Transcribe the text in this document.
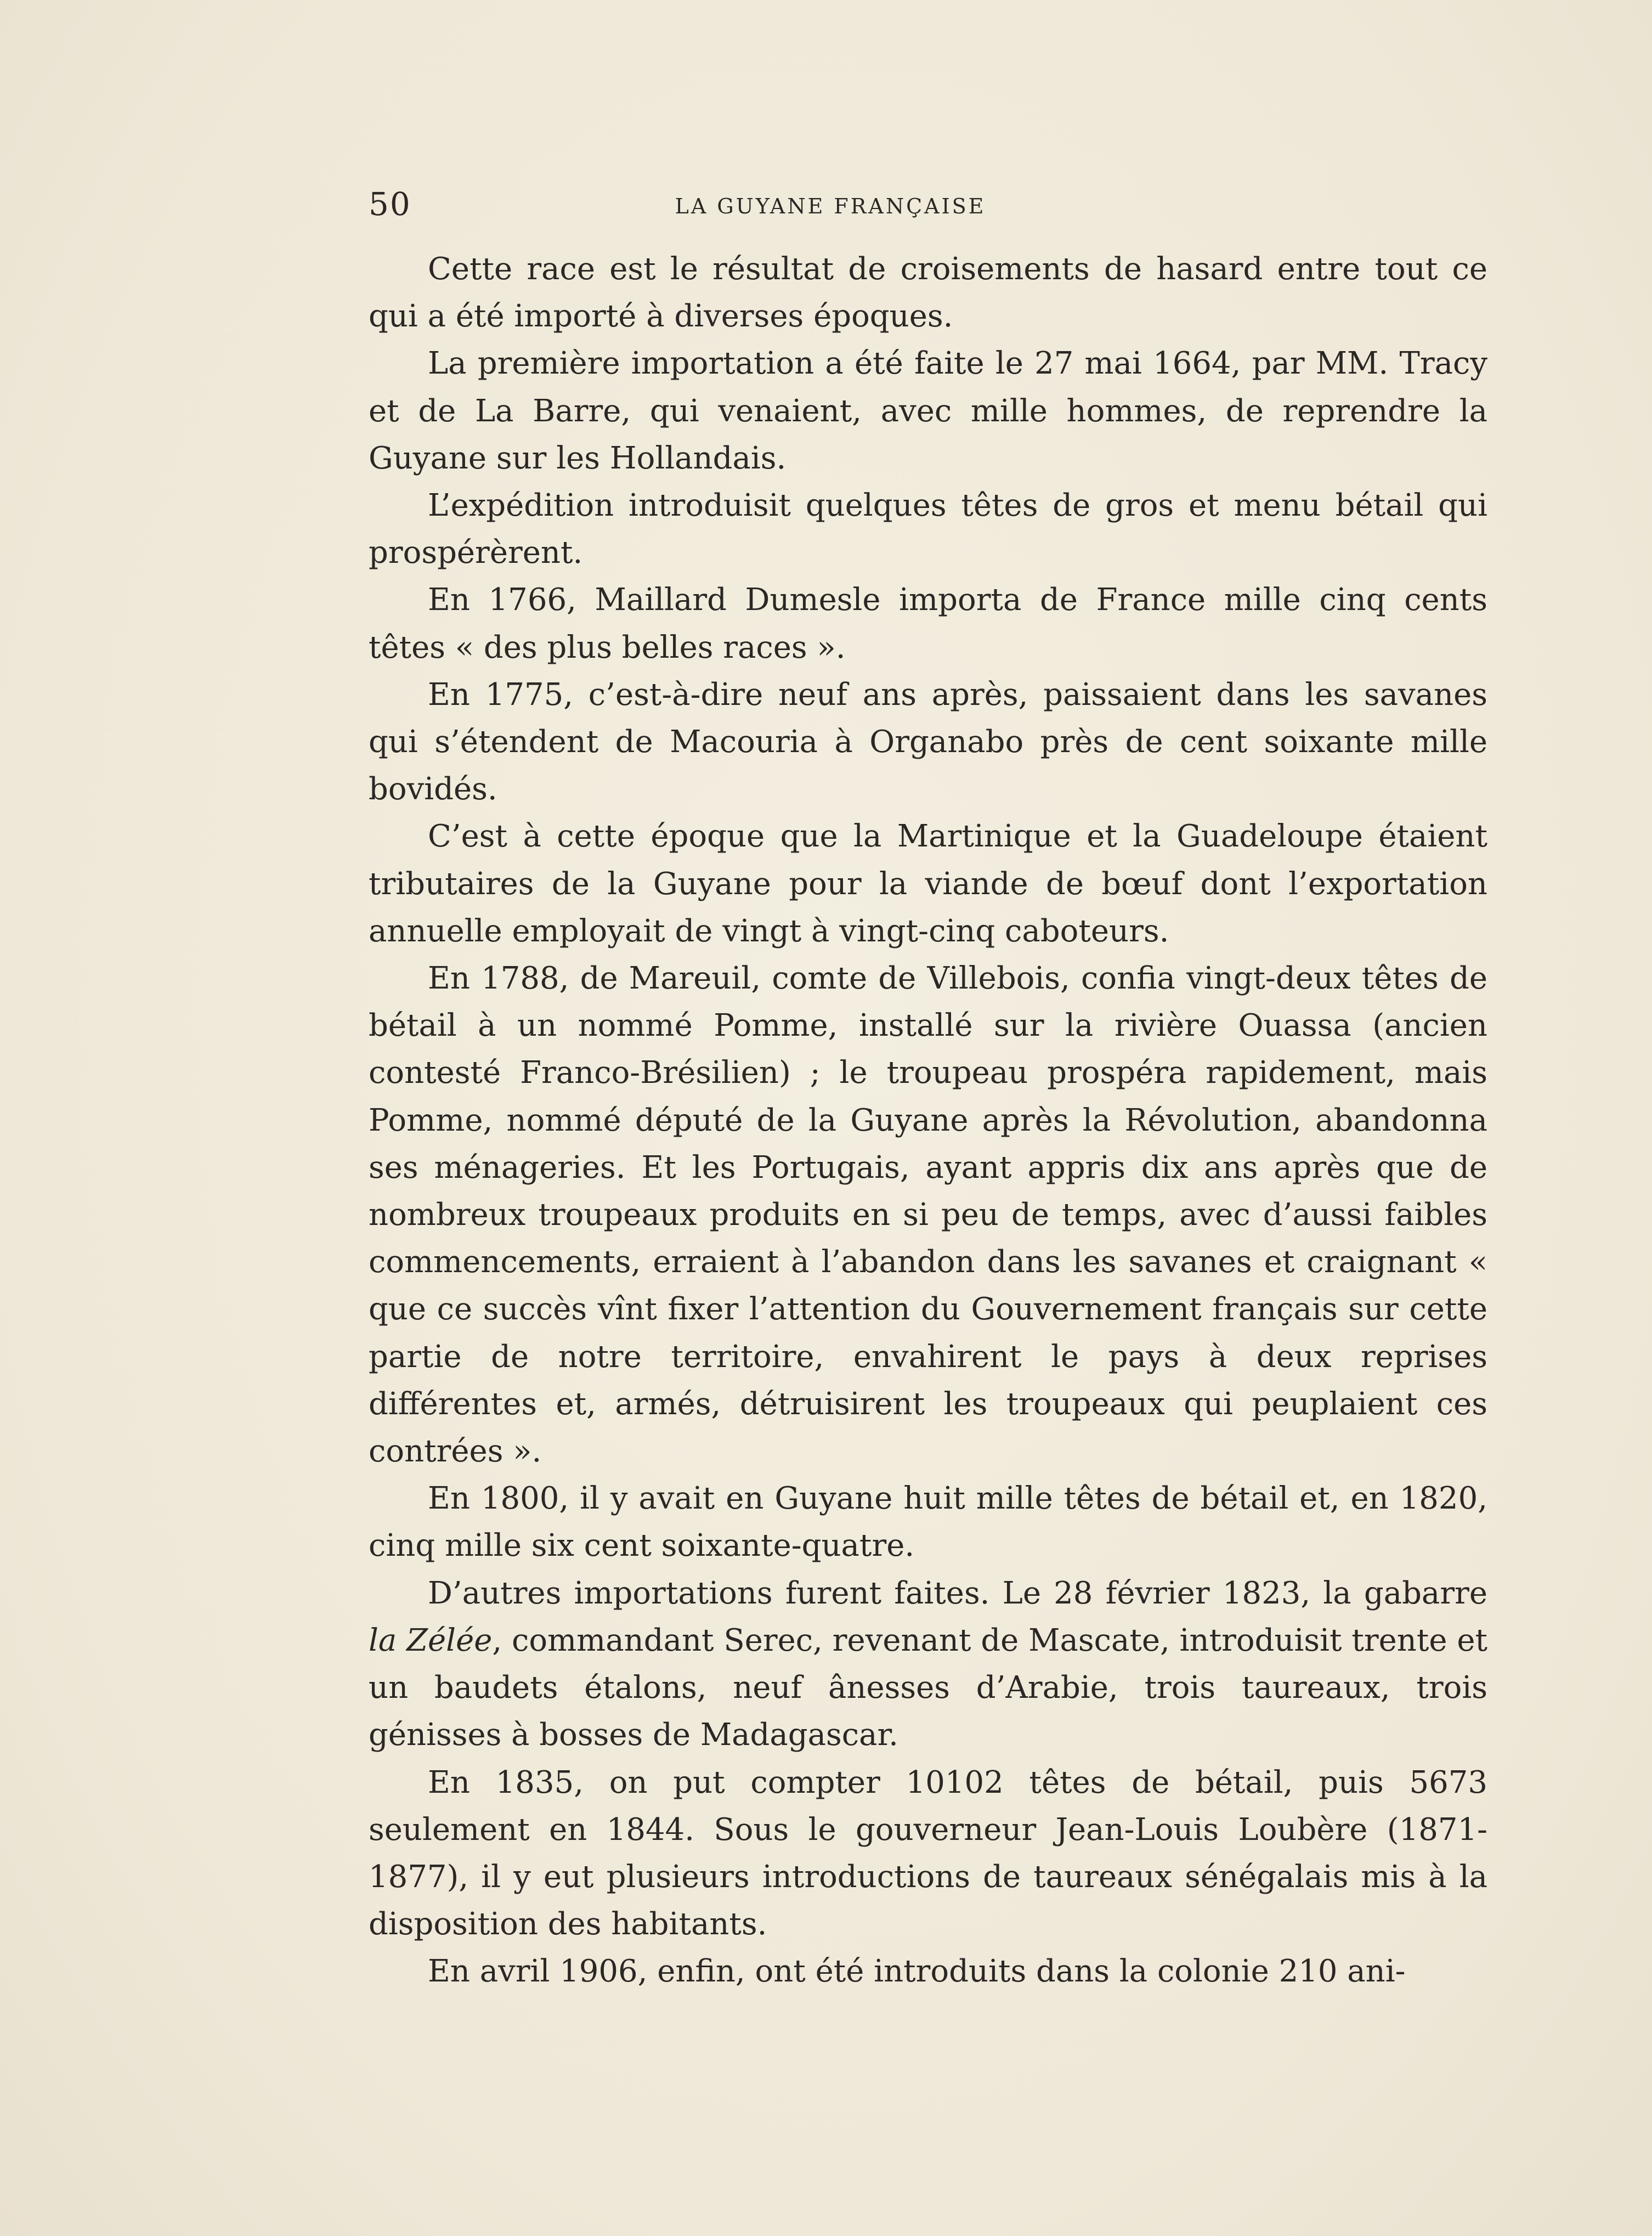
50	LA GUYANE FRANÇAISE

Cette race est le résultat de croisements de hasard entre tout ce qui a été importé à diverses époques.

La première importation a été faite le 27 mai 1664, par MM. Tracy et de La Barre, qui venaient, avec mille hommes, de reprendre la Guyane sur les Hollandais.

L’expédition introduisit quelques têtes de gros et menu bétail qui prospérèrent.

En 1766, Maillard Dumesle importa de France mille cinq cents têtes « des plus belles races ».

En 1775, c’est-à-dire neuf ans après, paissaient dans les savanes qui s’étendent de Macouria à Organabo près de cent soixante mille bovidés.

C’est à cette époque que la Martinique et la Guadeloupe étaient tributaires de la Guyane pour la viande de bœuf dont l’exportation annuelle employait de vingt à vingt-cinq caboteurs.

En 1788, de Mareuil, comte de Villebois, confia vingt-deux têtes de bétail à un nommé Pomme, installé sur la rivière Ouassa (ancien contesté Franco-Brésilien) ; le troupeau prospéra rapidement, mais Pomme, nommé député de la Guyane après la Révolution, abandonna ses ménageries. Et les Portugais, ayant appris dix ans après que de nombreux troupeaux produits en si peu de temps, avec d’aussi faibles commencements, erraient à l’abandon dans les savanes et craignant « que ce succès vînt fixer l’attention du Gouvernement français sur cette partie de notre territoire, envahirent le pays à deux reprises différentes et, armés, détruisirent les troupeaux qui peuplaient ces contrées ».

En 1800, il y avait en Guyane huit mille têtes de bétail et, en 1820, cinq mille six cent soixante-quatre.

D’autres importations furent faites. Le 28 février 1823, la gabarre la Zélée, commandant Serec, revenant de Mascate, introduisit trente et un baudets étalons, neuf ânesses d’Arabie, trois taureaux, trois génisses à bosses de Madagascar.

En 1835, on put compter 10102 têtes de bétail, puis 5673 seulement en 1844. Sous le gouverneur Jean-Louis Loubère (1871-1877), il y eut plusieurs introductions de taureaux sénégalais mis à la disposition des habitants.

En avril 1906, enfin, ont été introduits dans la colonie 210 ani-
